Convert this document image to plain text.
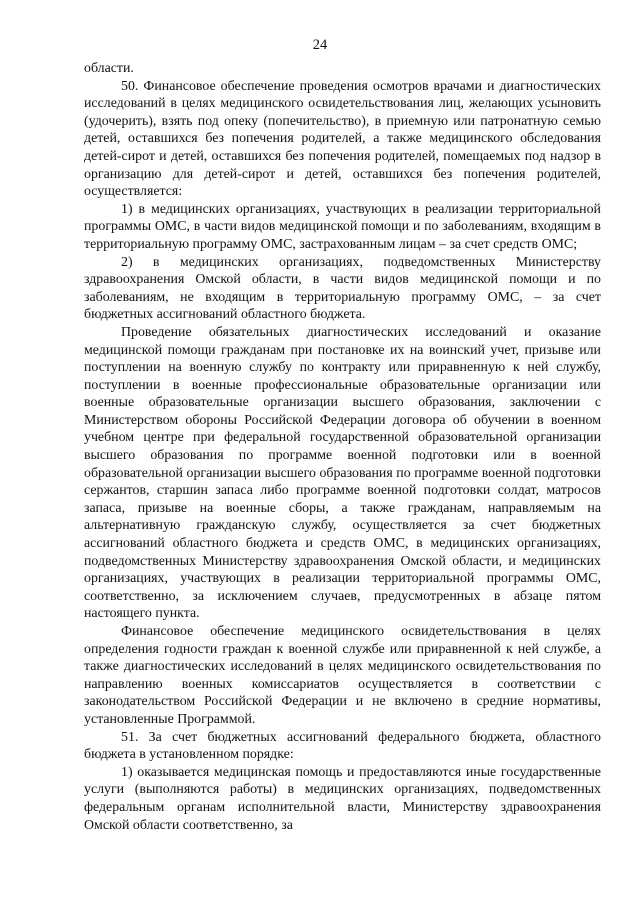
24

области.

50. Финансовое обеспечение проведения осмотров врачами и диагностических исследований в целях медицинского освидетельствования лиц, желающих усыновить (удочерить), взять под опеку (попечительство), в приемную или патронатную семью детей, оставшихся без попечения родителей, а также медицинского обследования детей-сирот и детей, оставшихся без попечения родителей, помещаемых под надзор в организацию для детей-сирот и детей, оставшихся без попечения родителей, осуществляется:

1) в медицинских организациях, участвующих в реализации территориальной программы ОМС, в части видов медицинской помощи и по заболеваниям, входящим в территориальную программу ОМС, застрахованным лицам – за счет средств ОМС;

2) в медицинских организациях, подведомственных Министерству здравоохранения Омской области, в части видов медицинской помощи и по заболеваниям, не входящим в территориальную программу ОМС, – за счет бюджетных ассигнований областного бюджета.

Проведение обязательных диагностических исследований и оказание медицинской помощи гражданам при постановке их на воинский учет, призыве или поступлении на военную службу по контракту или приравненную к ней службу, поступлении в военные профессиональные образовательные организации или военные образовательные организации высшего образования, заключении с Министерством обороны Российской Федерации договора об обучении в военном учебном центре при федеральной государственной образовательной организации высшего образования по программе военной подготовки или в военной образовательной организации высшего образования по программе военной подготовки сержантов, старшин запаса либо программе военной подготовки солдат, матросов запаса, призыве на военные сборы, а также гражданам, направляемым на альтернативную гражданскую службу, осуществляется за счет бюджетных ассигнований областного бюджета и средств ОМС, в медицинских организациях, подведомственных Министерству здравоохранения Омской области, и медицинских организациях, участвующих в реализации территориальной программы ОМС, соответственно, за исключением случаев, предусмотренных в абзаце пятом настоящего пункта.

Финансовое обеспечение медицинского освидетельствования в целях определения годности граждан к военной службе или приравненной к ней службе, а также диагностических исследований в целях медицинского освидетельствования по направлению военных комиссариатов осуществляется в соответствии с законодательством Российской Федерации и не включено в средние нормативы, установленные Программой.

51. За счет бюджетных ассигнований федерального бюджета, областного бюджета в установленном порядке:

1) оказывается медицинская помощь и предоставляются иные государственные услуги (выполняются работы) в медицинских организациях, подведомственных федеральным органам исполнительной власти, Министерству здравоохранения Омской области соответственно, за
